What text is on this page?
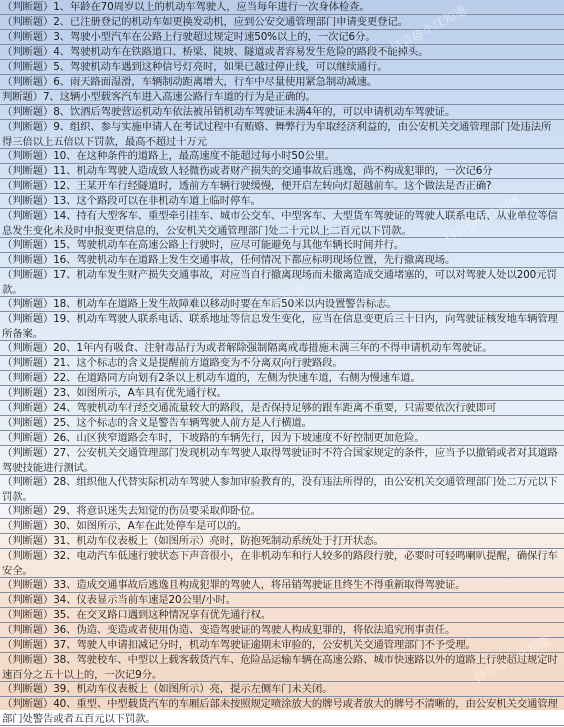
（判断题）1、年龄在70周岁以上的机动车驾驶人，应当每年进行一次身体检查。
（判断题）2、已注册登记的机动车如更换发动机，应到公安交通管理部门申请变更登记。
（判断题）3、驾驶小型汽车在公路上行驶超过规定时速50%以上的，一次记6分。
（判断题）4、驾驶机动车在铁路道口、桥梁、陡坡、隧道或者容易发生危险的路段不能掉头。
（判断题）5、驾驶机动车遇到这种信号灯亮时，如果已越过停止线，可以继续通行。
（判断题）6、雨天路面湿滑，车辆制动距离增大，行车中尽量使用紧急制动减速。
判断题）7、这辆小型载客汽车进入高速公路行车道的行为是正确的。
（判断题）8、饮酒后驾驶营运机动车依法被吊销机动车驾驶证未满4年的，可以申请机动车驾驶证。
（判断题）9、组织、参与实施申请人在考试过程中有贿赂、舞弊行为牟取经济利益的，由公安机关交通管理部门处违法所得三倍以上五倍以下罚款，最高不超过十万元
（判断题）10、在这种条件的道路上，最高速度不能超过每小时50公里。
（判断题）11、机动车驾驶人造成致人轻微伤或者财产损失的交通事故后逃逸，尚不构成犯罪的，一次记6分
（判断题）12、王某开车行经隧道时，透前方车辆行驶缓慢，便开启左转向灯超越前车。这个做法是否正确?
（判断题）13、这个路段可以在非机动车道上临时停车。
（判断题）14、持有大型客车、重型牵引挂车、城市公交车、中型客车、大型货车驾驶证的驾驶人联系电话、从业单位等信息发生变化未及时申报变更信息的，公安机关交通管理部门处二十元以上二百元以下罚款。
（判断题）15、驾驶机动车在高速公路上行驶时，应尽可能避免与其他车辆长时间并行。
（判断题）16、驾驶机动车在道路上发生交通事故，任何情况下都应标明现场位置，先行撤离现场。
（判断题）17、机动车发生财产损失交通事故，对应当自行撤离现场而未撤离造成交通堵塞的，可以对驾驶人处以200元罚款。
（判断题）18、机动车在道路上发生故障难以移动时要在车后50米以内设置警告标志。
（判断题）19、机动车驾驶人联系电话、联系地址等信息发生变化，应当在信息变更后三十日内，向驾驶证核发地车辆管理所备案。
（判断题）20、1年内有吸食、注射毒品行为或者解除强制隔离戒毒措施未满三年的不得申请机动车驾驶证。
（判断题）21、这个标志的含义是提醒前方道路变为不分离双向行驶路段。
（判断题）22、在道路同方向划有2条以上机动车道的，左侧为快速车道，右侧为慢速车道。
（判断题）23、如图所示，A车具有优先通行权。
（判断题）24、驾驶机动车行经交通流量较大的路段，是否保持足够的跟车距离不重要，只需要依次行驶即可
（判断题）25、这个标志的含义是警告车辆驾驶人前方是人行横道。
（判断题）26、山区狭窄道路会车时，下坡路的车辆先行，因为下坡速度不好控制更加危险。
（判断题）27、公安机关交通管理部门发现机动车驾驶人取得驾驶证时不符合国家规定的条件，应当予以撤销或者对其道路驾驶技能进行测试。
（判断题）28、组织他人代替实际机动车驾驶人参加审验教育的，没有违法所得的，由公安机关交通管理部门处二万元以下罚款。
（判断题）29、将意识迷失去知觉的伤员要采取仰卧位。
（判断题）30、如图所示，A车在此处停车是可以的。
（判断题）31、机动车仪表板上（如图所示）亮时，防抱死制动系统处于打开状态。
（判断题）32、电动汽车低速行驶状态下声音很小，在非机动车和行人较多的路段行驶，必要时可轻鸣喇叭提醒，确保行车安全。
（判断题）33、造成交通事故后逃逸且构成犯罪的驾驶人，将吊销驾驶证且终生不得重新取得驾驶证。
（判断题）34、仪表显示当前车速是20公里/小时。
（判断题）35、在交叉路口遇到这种情况享有优先通行权。
（判断题）36、伪造、变造或者使用伪造、变造驾驶证的驾驶人构成犯罪的，将依法追究刑事责任。
（判断题）37、驾驶人申请扣减记分时，机动车驾驶证逾期未审验的，公安机关交通管理部门不予受理。
（判断题）38、驾驶校车、中型以上载客载货汽车、危险品运输车辆在高速公路、城市快速路以外的道路上行驶超过规定时速百分之五十以上的，一次记9分。
（判断题）39、机动车仪表板上（如图所示）亮，提示左侧车门未关闭。
（判断题）40、重型、中型载货汽车的车厢后部未按照规定喷涂放大的牌号或者放大的牌号不清晰的，由公安机关交通管理部门处警告或者五百元以下罚款。
抖音@小江知道
抖音@小江知道
抖音@小江知道
抖音@小江知道
